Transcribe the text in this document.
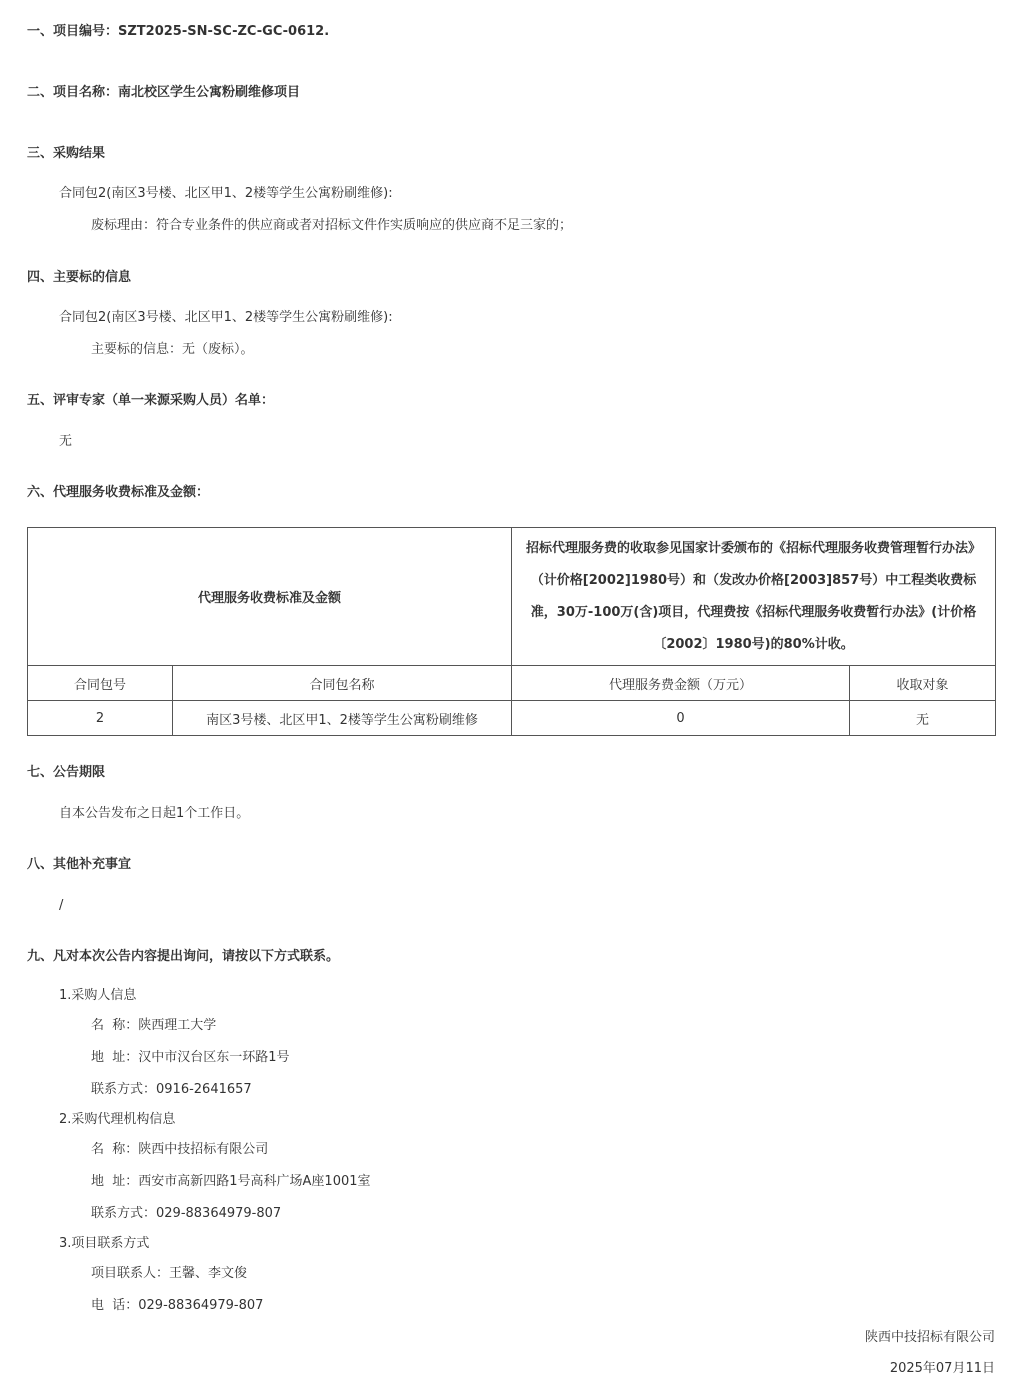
一、项目编号：SZT2025-SN-SC-ZC-GC-0612.
二、项目名称：南北校区学生公寓粉刷维修项目
三、采购结果
合同包2(南区3号楼、北区甲1、2楼等学生公寓粉刷维修):
废标理由：符合专业条件的供应商或者对招标文件作实质响应的供应商不足三家的；
四、主要标的信息
合同包2(南区3号楼、北区甲1、2楼等学生公寓粉刷维修):
主要标的信息：无（废标）。
五、评审专家（单一来源采购人员）名单：
无
六、代理服务收费标准及金额：
代理服务收费标准及金额		招标代理服务费的收取参见国家计委颁布的《招标代理服务收费管理暂行办法》（计价格[2002]1980号）和（发改办价格[2003]857号）中工程类收费标准，30万-100万(含)项目，代理费按《招标代理服务收费暂行办法》(计价格〔2002〕1980号)的80%计收。	
合同包号	合同包名称	代理服务费金额（万元）	收取对象
2	南区3号楼、北区甲1、2楼等学生公寓粉刷维修	0	无
七、公告期限
自本公告发布之日起1个工作日。
八、其他补充事宜
/
九、凡对本次公告内容提出询问，请按以下方式联系。
1.采购人信息
名  称：陕西理工大学
地  址：汉中市汉台区东一环路1号
联系方式：0916-2641657
2.采购代理机构信息
名  称：陕西中技招标有限公司
地  址：西安市高新四路1号高科广场A座1001室
联系方式：029-88364979-807
3.项目联系方式
项目联系人：王馨、李文俊
电  话：029-88364979-807
陕西中技招标有限公司
2025年07月11日
